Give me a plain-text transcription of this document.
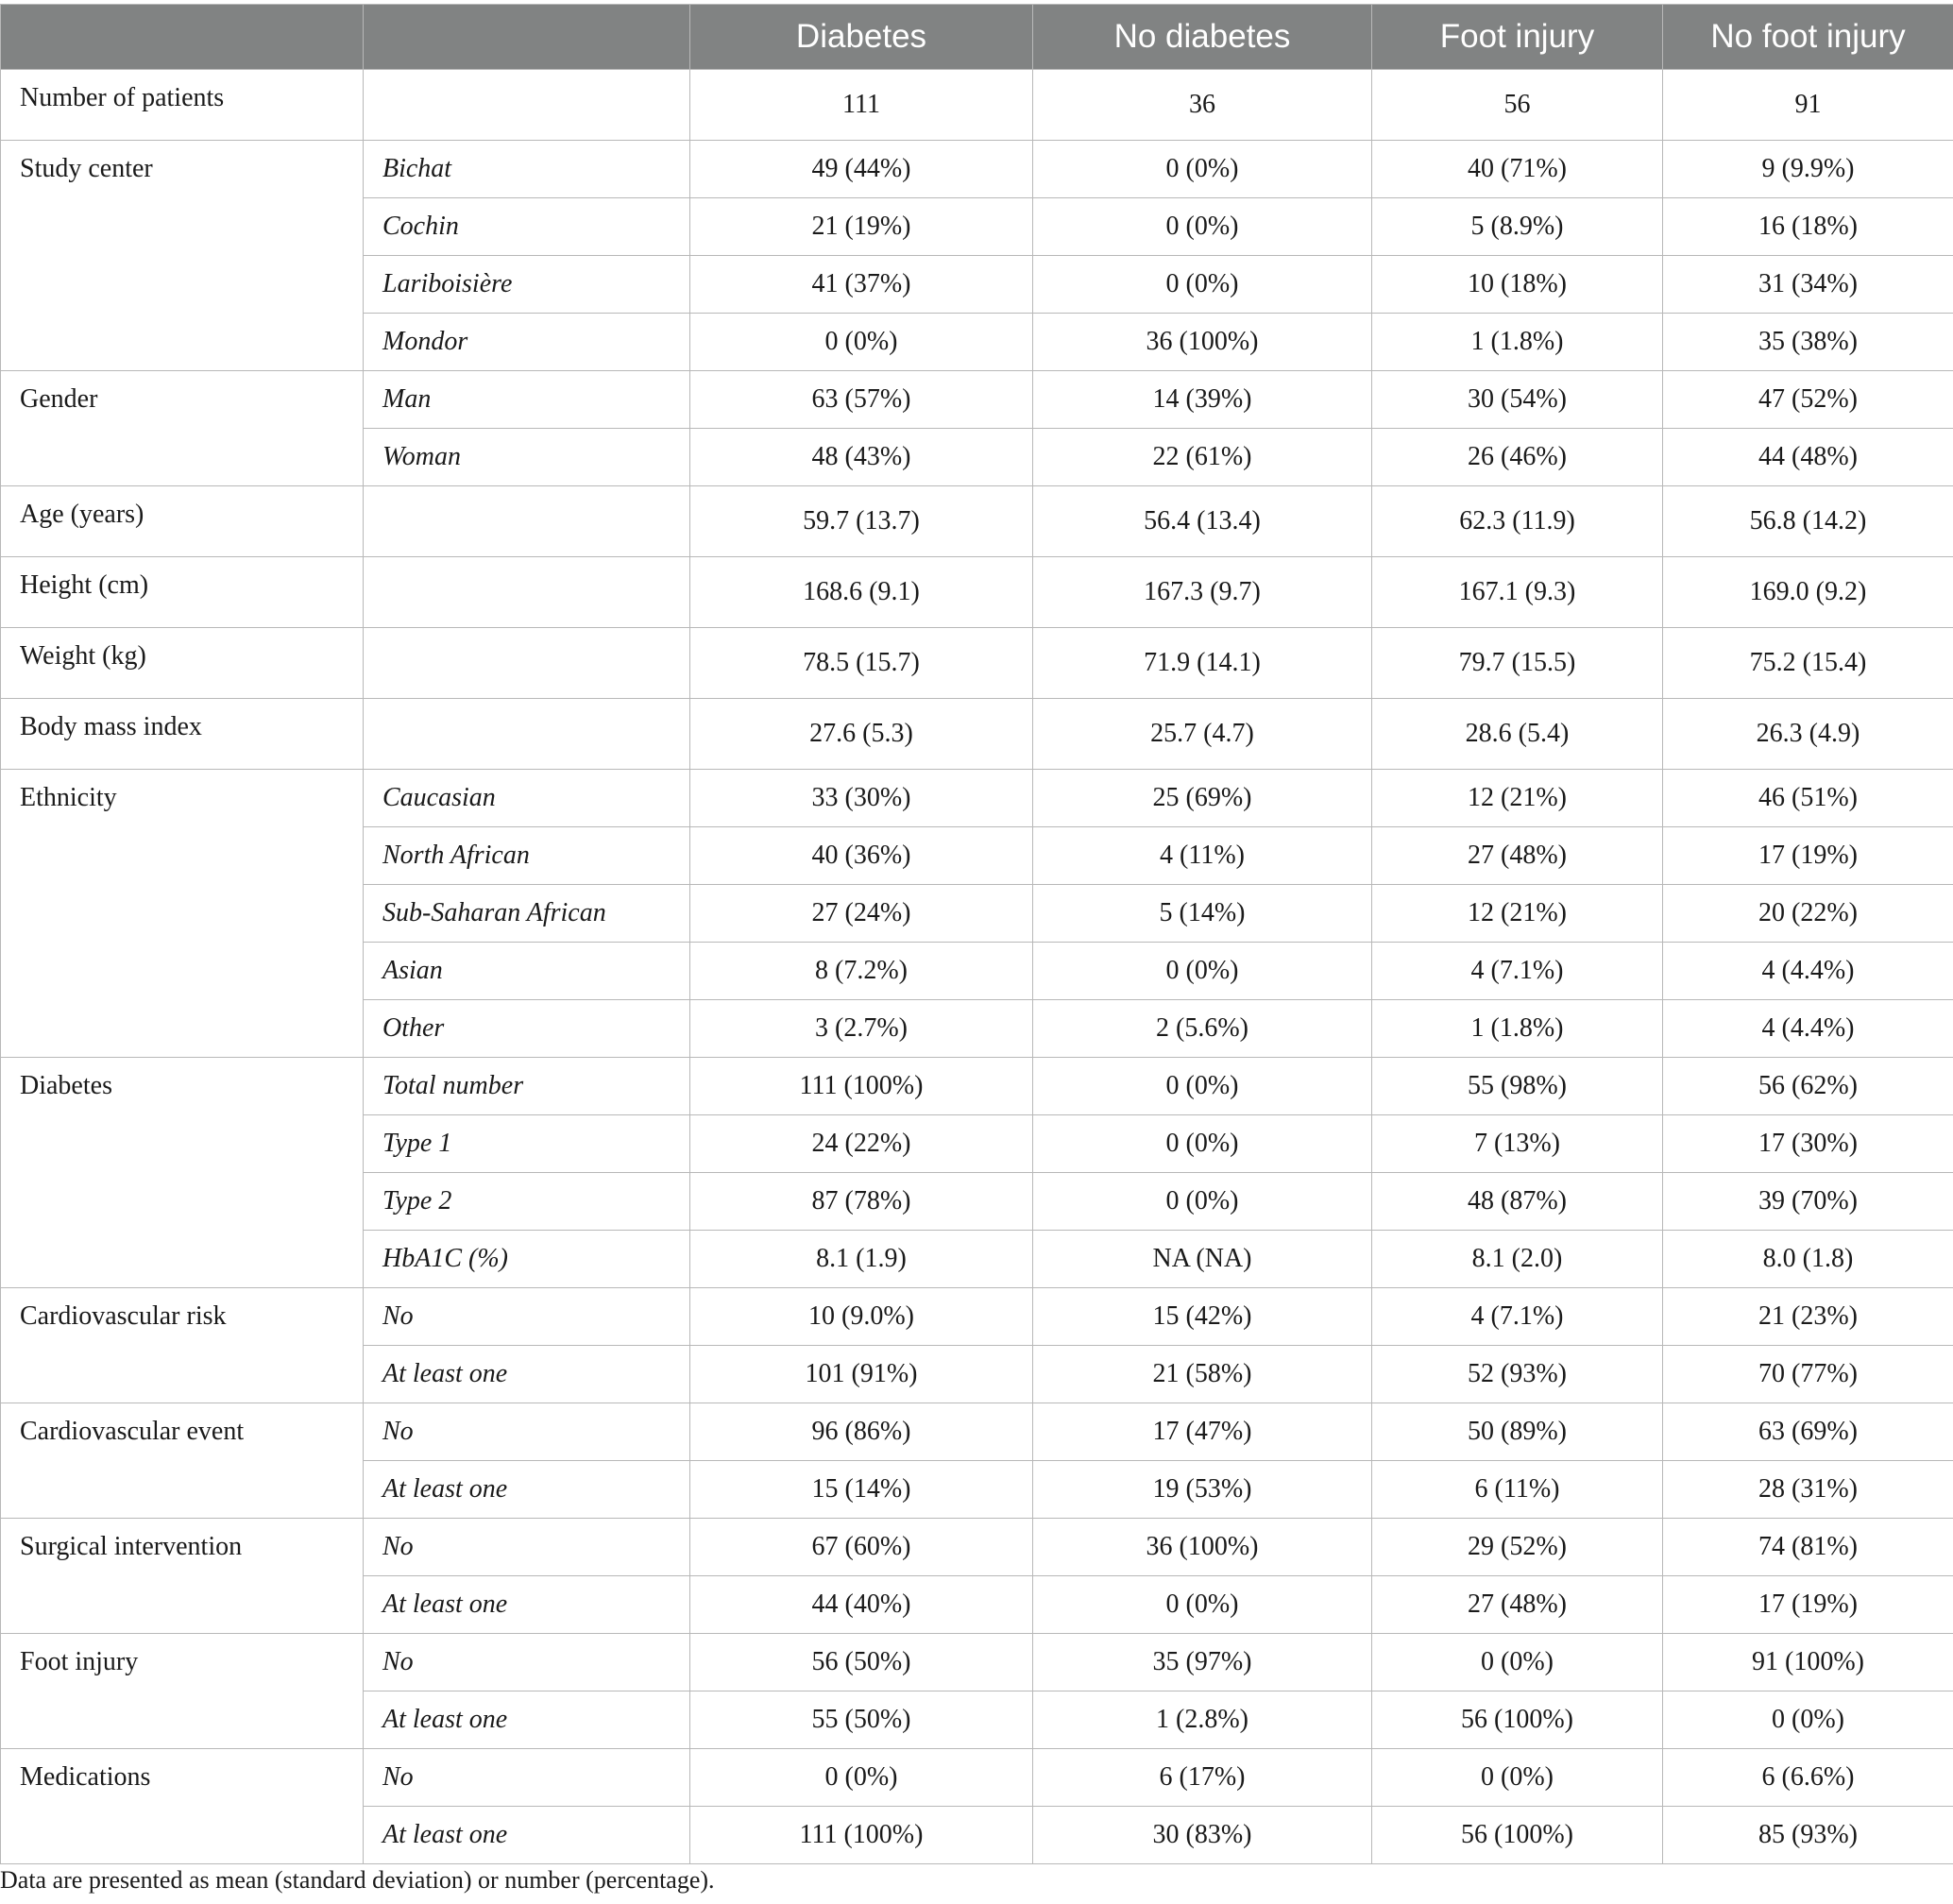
		Diabetes	No diabetes	Foot injury	No foot injury
Number of patients		111	36	56	91
Study center	Bichat	49 (44%)	0 (0%)	40 (71%)	9 (9.9%)
	Cochin	21 (19%)	0 (0%)	5 (8.9%)	16 (18%)
	Lariboisière	41 (37%)	0 (0%)	10 (18%)	31 (34%)
	Mondor	0 (0%)	36 (100%)	1 (1.8%)	35 (38%)
Gender	Man	63 (57%)	14 (39%)	30 (54%)	47 (52%)
	Woman	48 (43%)	22 (61%)	26 (46%)	44 (48%)
Age (years)		59.7 (13.7)	56.4 (13.4)	62.3 (11.9)	56.8 (14.2)
Height (cm)		168.6 (9.1)	167.3 (9.7)	167.1 (9.3)	169.0 (9.2)
Weight (kg)		78.5 (15.7)	71.9 (14.1)	79.7 (15.5)	75.2 (15.4)
Body mass index		27.6 (5.3)	25.7 (4.7)	28.6 (5.4)	26.3 (4.9)
Ethnicity	Caucasian	33 (30%)	25 (69%)	12 (21%)	46 (51%)
	North African	40 (36%)	4 (11%)	27 (48%)	17 (19%)
	Sub-Saharan African	27 (24%)	5 (14%)	12 (21%)	20 (22%)
	Asian	8 (7.2%)	0 (0%)	4 (7.1%)	4 (4.4%)
	Other	3 (2.7%)	2 (5.6%)	1 (1.8%)	4 (4.4%)
Diabetes	Total number	111 (100%)	0 (0%)	55 (98%)	56 (62%)
	Type 1	24 (22%)	0 (0%)	7 (13%)	17 (30%)
	Type 2	87 (78%)	0 (0%)	48 (87%)	39 (70%)
	HbA1C (%)	8.1 (1.9)	NA (NA)	8.1 (2.0)	8.0 (1.8)
Cardiovascular risk	No	10 (9.0%)	15 (42%)	4 (7.1%)	21 (23%)
	At least one	101 (91%)	21 (58%)	52 (93%)	70 (77%)
Cardiovascular event	No	96 (86%)	17 (47%)	50 (89%)	63 (69%)
	At least one	15 (14%)	19 (53%)	6 (11%)	28 (31%)
Surgical intervention	No	67 (60%)	36 (100%)	29 (52%)	74 (81%)
	At least one	44 (40%)	0 (0%)	27 (48%)	17 (19%)
Foot injury	No	56 (50%)	35 (97%)	0 (0%)	91 (100%)
	At least one	55 (50%)	1 (2.8%)	56 (100%)	0 (0%)
Medications	No	0 (0%)	6 (17%)	0 (0%)	6 (6.6%)
	At least one	111 (100%)	30 (83%)	56 (100%)	85 (93%)
Data are presented as mean (standard deviation) or number (percentage).
